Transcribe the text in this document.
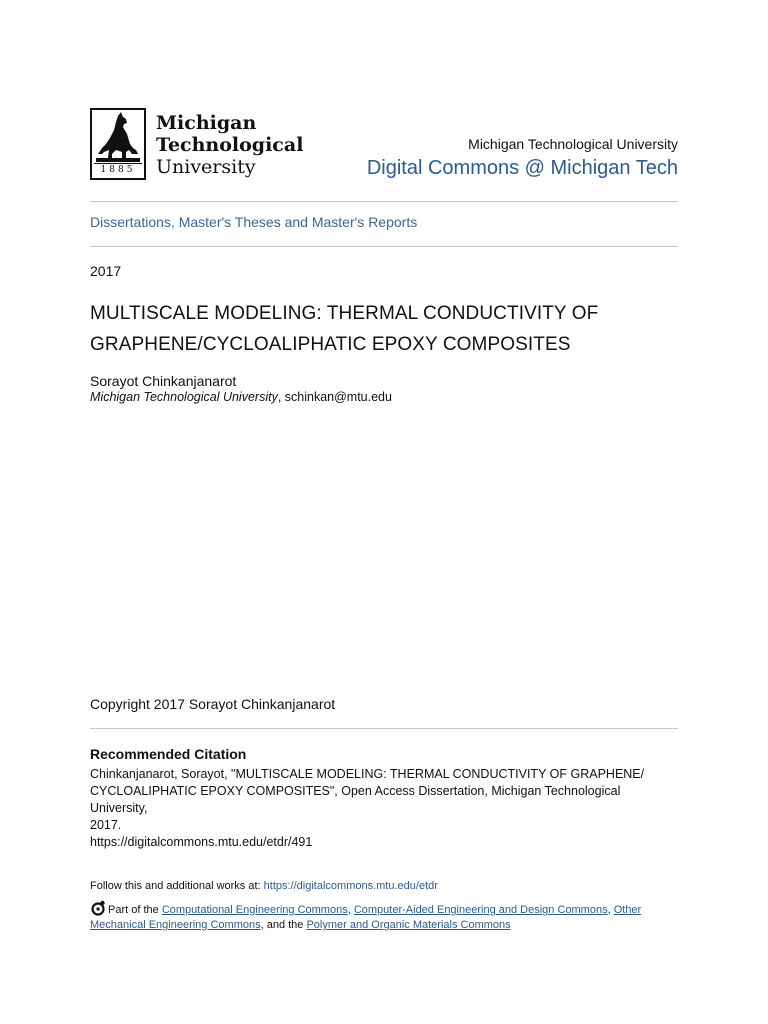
1885
Michigan
Technological
University
Michigan Technological University
Digital Commons @ Michigan Tech
Dissertations, Master's Theses and Master's Reports
2017
MULTISCALE MODELING: THERMAL CONDUCTIVITY OF
GRAPHENE/CYCLOALIPHATIC EPOXY COMPOSITES
Sorayot Chinkanjanarot
Michigan Technological University, schinkan@mtu.edu
Copyright 2017 Sorayot Chinkanjanarot
Recommended Citation
Chinkanjanarot, Sorayot, "MULTISCALE MODELING: THERMAL CONDUCTIVITY OF GRAPHENE/
CYCLOALIPHATIC EPOXY COMPOSITES", Open Access Dissertation, Michigan Technological University,
2017.
https://digitalcommons.mtu.edu/etdr/491
Follow this and additional works at: https://digitalcommons.mtu.edu/etdr
Part of the Computational Engineering Commons, Computer-Aided Engineering and Design Commons, Other Mechanical Engineering Commons, and the Polymer and Organic Materials Commons
